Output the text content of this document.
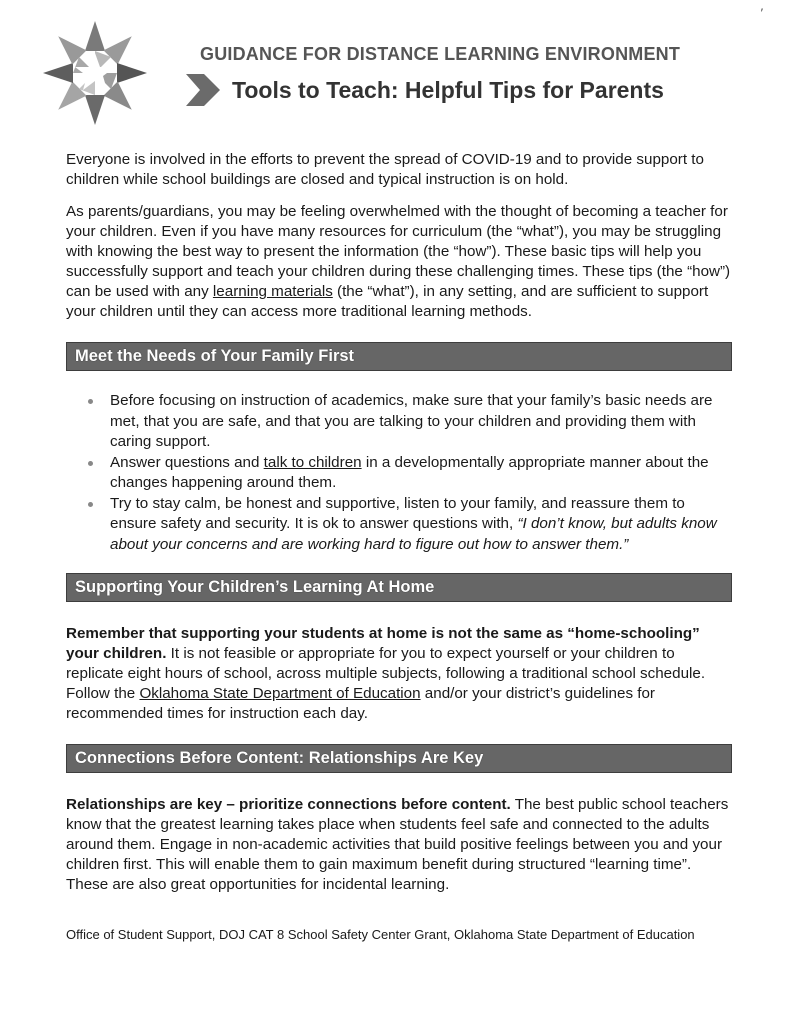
′

GUIDANCE FOR DISTANCE LEARNING ENVIRONMENT

Tools to Teach: Helpful Tips for Parents

Everyone is involved in the efforts to prevent the spread of COVID-19 and to provide support to children while school buildings are closed and typical instruction is on hold.

As parents/guardians, you may be feeling overwhelmed with the thought of becoming a teacher for your children. Even if you have many resources for curriculum (the “what”), you may be struggling with knowing the best way to present the information (the “how”). These basic tips will help you successfully support and teach your children during these challenging times. These tips (the “how”) can be used with any learning materials (the “what”), in any setting, and are sufficient to support your children until they can access more traditional learning methods.

Meet the Needs of Your Family First
Before focusing on instruction of academics, make sure that your family’s basic needs are met, that you are safe, and that you are talking to your children and providing them with caring support.
Answer questions and talk to children in a developmentally appropriate manner about the changes happening around them.
Try to stay calm, be honest and supportive, listen to your family, and reassure them to ensure safety and security. It is ok to answer questions with, “I don’t know, but adults know about your concerns and are working hard to figure out how to answer them.”
Supporting Your Children’s Learning At Home

Remember that supporting your students at home is not the same as “home-schooling” your children. It is not feasible or appropriate for you to expect yourself or your children to replicate eight hours of school, across multiple subjects, following a traditional school schedule. Follow the Oklahoma State Department of Education and/or your district’s guidelines for recommended times for instruction each day.

Connections Before Content: Relationships Are Key

Relationships are key – prioritize connections before content. The best public school teachers know that the greatest learning takes place when students feel safe and connected to the adults around them. Engage in non-academic activities that build positive feelings between you and your children first. This will enable them to gain maximum benefit during structured “learning time”. These are also great opportunities for incidental learning.

Office of Student Support, DOJ CAT 8 School Safety Center Grant, Oklahoma State Department of Education
